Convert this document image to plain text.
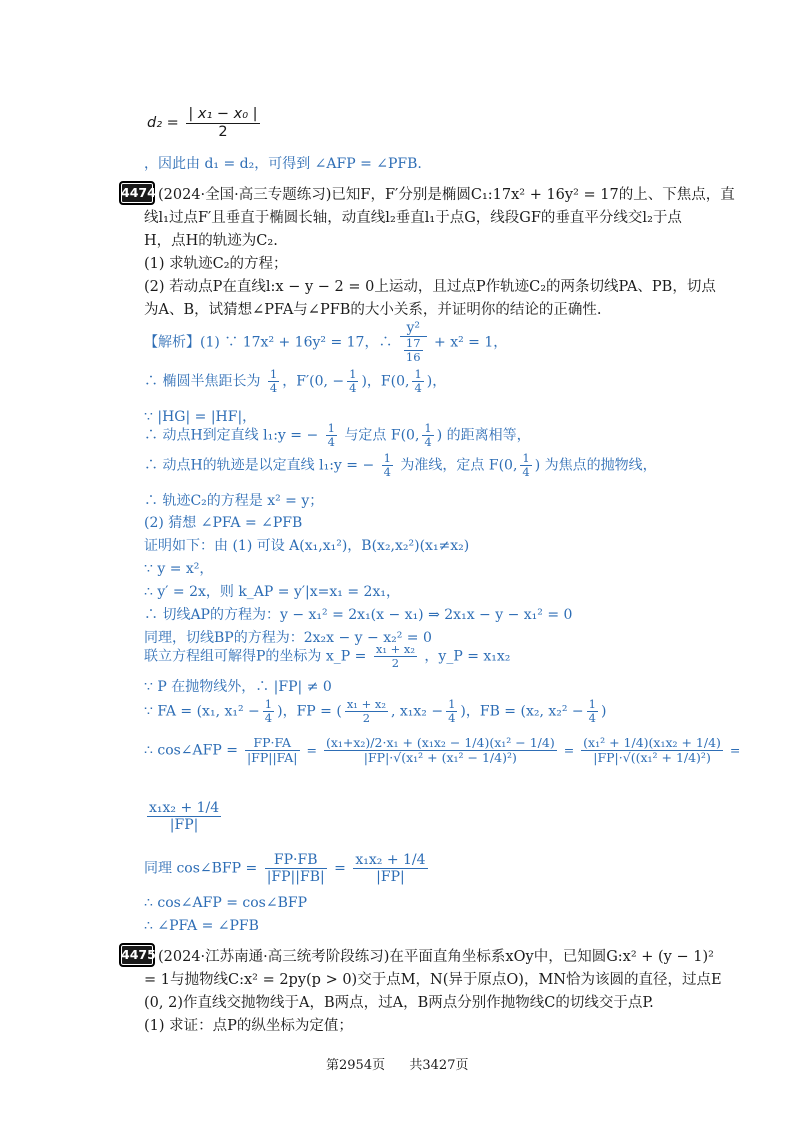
$d_2 = \frac{\text{| x₁ − x₀ |}}{2}$
，因此由 d₁ = d₂，可得到 ∠AFP = ∠PFB.
4474 (2024·全国·高三专题练习)已知F，F′分别是椭圆C₁:17x² + 16y² = 17的上、下焦点，直
线l₁过点F′且垂直于椭圆长轴，动直线l₂垂直l₁于点G，线段GF的垂直平分线交l₂于点
H，点H的轨迹为C₂.
(1) 求轨迹C₂的方程；
(2) 若动点P在直线l:x − y − 2 = 0上运动，且过点P作轨迹C₂的两条切线PA、PB，切点
为A、B，试猜想∠PFA与∠PFB的大小关系，并证明你的结论的正确性.
【解析】(1) ∵ 17x² + 16y² = 17，∴ y²
17
16 + x² = 1，
∴ 椭圆半焦距长为 $\frac{1}{4}$ ，F′(0, − $\frac{1}{4}$ )，F(0, $\frac{1}{4}$ )，
∵ |HG| = |HF|，
∴ 动点H到定直线 l₁:y = − $\frac{1}{4}$ 与定点 F(0, $\frac{1}{4}$ ) 的距离相等，
∴ 动点H的轨迹是以定直线 l₁:y = − $\frac{1}{4}$ 为准线，定点 F(0, $\frac{1}{4}$ ) 为焦点的抛物线，
∴ 轨迹C₂的方程是 x² = y；
(2) 猜想 ∠PFA = ∠PFB
证明如下：由 (1) 可设 A(x₁,x₁²)，B(x₂,x₂²)(x₁≠x₂)
∵ y = x²，
∴ y′ = 2x，则 k_AP = y′|x=x₁ = 2x₁，
∴ 切线AP的方程为：y − x₁² = 2x₁(x − x₁) ⇒ 2x₁x − y − x₁² = 0
同理，切线BP的方程为：2x₂x − y − x₂² = 0
联立方程组可解得P的坐标为 x_P = $\frac{\text{x₁ + x₂}}{2}$ ，y_P = x₁x₂
∵ P 在抛物线外，∴ |FP| ≠ 0
∵ FA = (x₁, $x_1^2 - \frac{1}{4}$ )，FP = ( $\frac{\text{x₁ + x₂}}{2}$ , $x_1x_2 - \frac{1}{4}$ )，FB = (x₂, $x_2^2 - \frac{1}{4}$ )
∴ cos∠AFP = $\frac{FP\cdot FA}{|FP||FA|} = \frac{\text{(x₁+x₂)/2·x₁ + (x₁x₂ − 1/4)(x₁² − 1/4)}}{\text{|FP|·√(x₁² + (x₁² − 1/4)²)}} = \frac{\text{(x₁² + 1/4)(x₁x₂ + 1/4)}}{\text{|FP|·√((x₁² + 1/4)²)}}$ =
$\frac{\text{x₁x₂ + 1/4}}{|FP|}$
同理 cos∠BFP = $\frac{FP\cdot FB}{|FP||FB|} = \frac{\text{x₁x₂ + 1/4}}{|FP|}$
∴ cos∠AFP = cos∠BFP
∴ ∠PFA = ∠PFB
4475 (2024·江苏南通·高三统考阶段练习)在平面直角坐标系xOy中，已知圆G:x² + (y − 1)²
= 1与抛物线C:x² = 2py(p > 0)交于点M，N(异于原点O)，MN恰为该圆的直径，过点E
(0, 2)作直线交抛物线于A，B两点，过A，B两点分别作抛物线C的切线交于点P.
(1) 求证：点P的纵坐标为定值；
第2954页 共3427页
